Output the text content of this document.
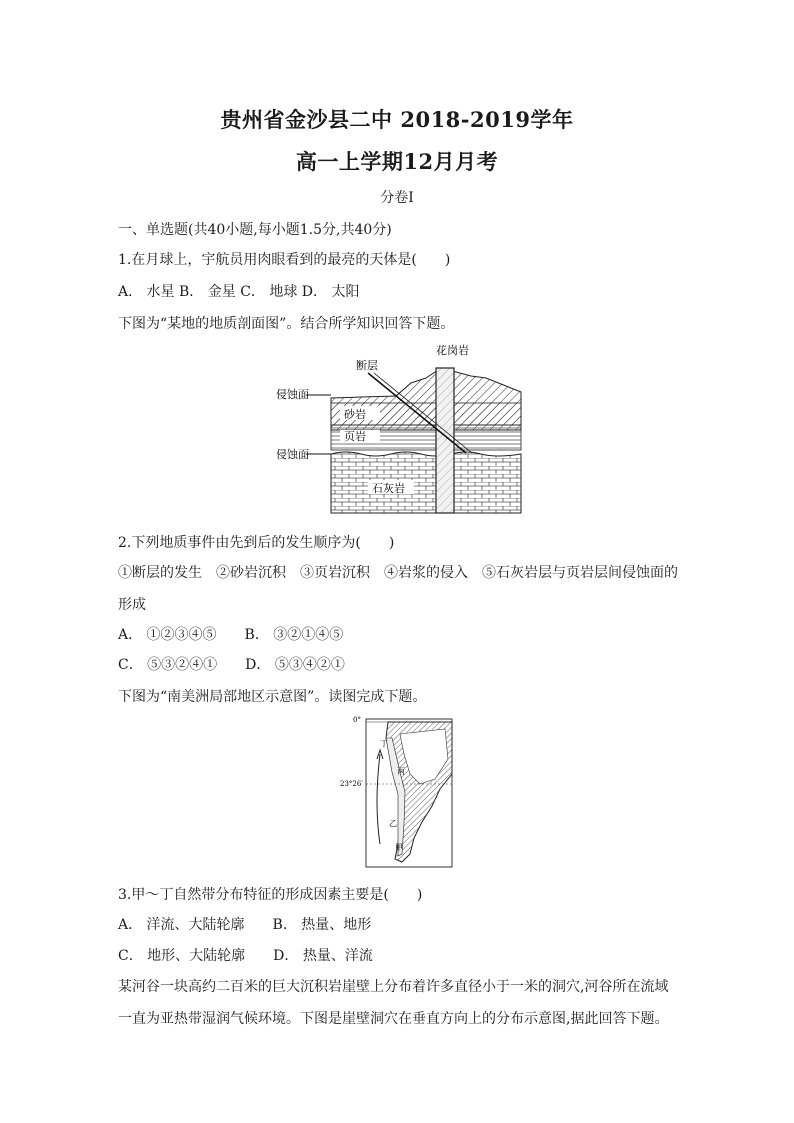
贵州省金沙县二中 2018-2019学年
高一上学期12月月考
分卷I
一、单选题(共40小题,每小题1.5分,共40分)
1.在月球上，宇航员用肉眼看到的最亮的天体是(　　)
A． 水星 B． 金星 C． 地球 D． 太阳
下图为“某地的地质剖面图”。结合所学知识回答下题。
花岗岩
断层
侵蚀面
砂岩
页岩
侵蚀面
石灰岩
2.下列地质事件由先到后的发生顺序为(　　)
①断层的发生　②砂岩沉积　③页岩沉积　④岩浆的侵入　⑤石灰岩层与页岩层间侵蚀面的
形成
A． ①②③④⑤　　B． ③②①④⑤
C． ⑤③②④①　　D． ⑤③④②①
下图为“南美洲局部地区示意图”。读图完成下题。
0°
23°26′
丁
丙
乙
甲
3.甲～丁自然带分布特征的形成因素主要是(　　)
A． 洋流、大陆轮廓　　B． 热量、地形
C． 地形、大陆轮廓　　D． 热量、洋流
某河谷一块高约二百米的巨大沉积岩崖壁上分布着许多直径小于一米的洞穴,河谷所在流域
一直为亚热带湿润气候环境。下图是崖壁洞穴在垂直方向上的分布示意图,据此回答下题。
